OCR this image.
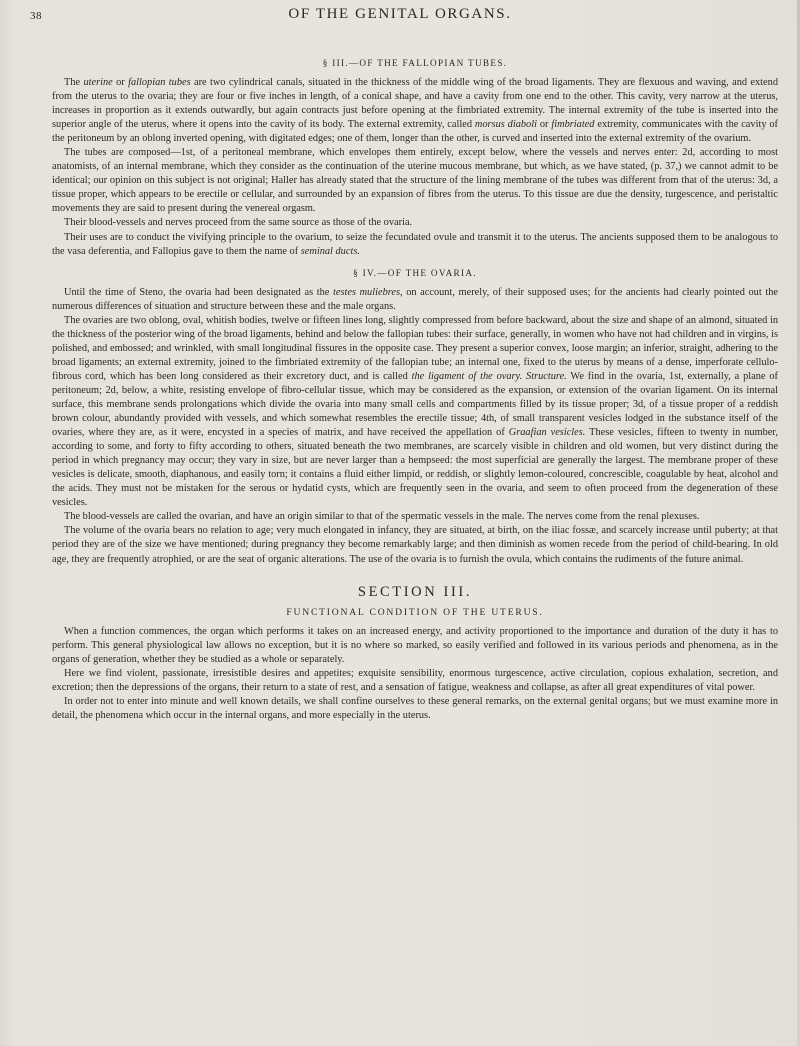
38	OF THE GENITAL ORGANS.
§ III.—OF THE FALLOPIAN TUBES.

The uterine or fallopian tubes are two cylindrical canals, situated in the thickness of the middle wing of the broad ligaments. They are flexuous and waving, and extend from the uterus to the ovaria; they are four or five inches in length, of a conical shape, and have a cavity from one end to the other. This cavity, very narrow at the uterus, increases in proportion as it extends outwardly, but again contracts just before opening at the fimbriated extremity. The internal extremity of the tube is inserted into the superior angle of the uterus, where it opens into the cavity of its body. The external extremity, called morsus diaboli or fimbriated extremity, communicates with the cavity of the peritoneum by an oblong inverted opening, with digitated edges; one of them, longer than the other, is curved and inserted into the external extremity of the ovarium.

The tubes are composed—1st, of a peritoneal membrane, which envelopes them entirely, except below, where the vessels and nerves enter: 2d, according to most anatomists, of an internal membrane, which they consider as the continuation of the uterine mucous membrane, but which, as we have stated, (p. 37,) we cannot admit to be identical; our opinion on this subject is not original; Haller has already stated that the structure of the lining membrane of the tubes was different from that of the uterus: 3d, a tissue proper, which appears to be erectile or cellular, and surrounded by an expansion of fibres from the uterus. To this tissue are due the density, turgescence, and peristaltic movements they are said to present during the venereal orgasm.

Their blood-vessels and nerves proceed from the same source as those of the ovaria.

Their uses are to conduct the vivifying principle to the ovarium, to seize the fecundated ovule and transmit it to the uterus. The ancients supposed them to be analogous to the vasa deferentia, and Fallopius gave to them the name of seminal ducts.

§ IV.—OF THE OVARIA.

Until the time of Steno, the ovaria had been designated as the testes muliebres, on account, merely, of their supposed uses; for the ancients had clearly pointed out the numerous differences of situation and structure between these and the male organs.

The ovaries are two oblong, oval, whitish bodies, twelve or fifteen lines long, slightly compressed from before backward, about the size and shape of an almond, situated in the thickness of the posterior wing of the broad ligaments, behind and below the fallopian tubes: their surface, generally, in women who have not had children and in virgins, is polished, and embossed; and wrinkled, with small longitudinal fissures in the opposite case. They present a superior convex, loose margin; an inferior, straight, adhering to the broad ligaments; an external extremity, joined to the fimbriated extremity of the fallopian tube; an internal one, fixed to the uterus by means of a dense, imperforate cellulo-fibrous cord, which has been long considered as their excretory duct, and is called the ligament of the ovary. Structure. We find in the ovaria, 1st, externally, a plane of peritoneum; 2d, below, a white, resisting envelope of fibro-cellular tissue, which may be considered as the expansion, or extension of the ovarian ligament. On its internal surface, this membrane sends prolongations which divide the ovaria into many small cells and compartments filled by its tissue proper; 3d, of a tissue proper of a reddish brown colour, abundantly provided with vessels, and which somewhat resembles the erectile tissue; 4th, of small transparent vesicles lodged in the substance itself of the ovaries, where they are, as it were, encysted in a species of matrix, and have received the appellation of Graafian vesicles. These vesicles, fifteen to twenty in number, according to some, and forty to fifty according to others, situated beneath the two membranes, are scarcely visible in children and old women, but very distinct during the period in which pregnancy may occur; they vary in size, but are never larger than a hempseed: the most superficial are generally the largest. The membrane proper of these vesicles is delicate, smooth, diaphanous, and easily torn; it contains a fluid either limpid, or reddish, or slightly lemon-coloured, concrescible, coagulable by heat, alcohol and the acids. They must not be mistaken for the serous or hydatid cysts, which are frequently seen in the ovaria, and seem to often proceed from the degeneration of these vesicles.

The blood-vessels are called the ovarian, and have an origin similar to that of the spermatic vessels in the male. The nerves come from the renal plexuses.

The volume of the ovaria bears no relation to age; very much elongated in infancy, they are situated, at birth, on the iliac fossæ, and scarcely increase until puberty; at that period they are of the size we have mentioned; during pregnancy they become remarkably large; and then diminish as women recede from the period of child-bearing. In old age, they are frequently atrophied, or are the seat of organic alterations. The use of the ovaria is to furnish the ovula, which contains the rudiments of the future animal.

SECTION III.
FUNCTIONAL CONDITION OF THE UTERUS.

When a function commences, the organ which performs it takes on an increased energy, and activity proportioned to the importance and duration of the duty it has to perform. This general physiological law allows no exception, but it is no where so marked, so easily verified and followed in its various periods and phenomena, as in the organs of generation, whether they be studied as a whole or separately.

Here we find violent, passionate, irresistible desires and appetites; exquisite sensibility, enormous turgescence, active circulation, copious exhalation, secretion, and excretion; then the depressions of the organs, their return to a state of rest, and a sensation of fatigue, weakness and collapse, as after all great expenditures of vital power.

In order not to enter into minute and well known details, we shall confine ourselves to these general remarks, on the external genital organs; but we must examine more in detail, the phenomena which occur in the internal organs, and more especially in the uterus.
